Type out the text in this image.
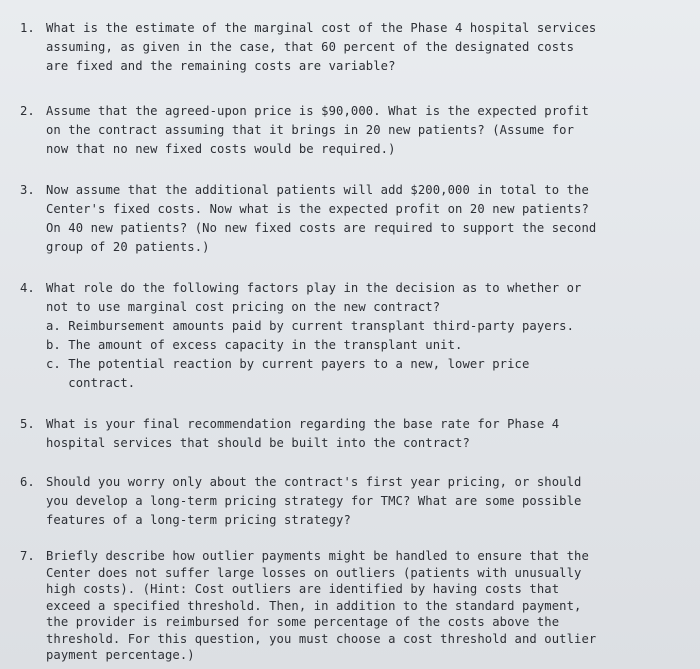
1. What is the estimate of the marginal cost of the Phase 4 hospital services
assuming, as given in the case, that 60 percent of the designated costs
are fixed and the remaining costs are variable?
2. Assume that the agreed-upon price is $90,000. What is the expected profit
on the contract assuming that it brings in 20 new patients? (Assume for
now that no new fixed costs would be required.)
3. Now assume that the additional patients will add $200,000 in total to the
Center's fixed costs. Now what is the expected profit on 20 new patients?
On 40 new patients? (No new fixed costs are required to support the second
group of 20 patients.)
4. What role do the following factors play in the decision as to whether or
not to use marginal cost pricing on the new contract?
a. Reimbursement amounts paid by current transplant third-party payers.
b. The amount of excess capacity in the transplant unit.
c. The potential reaction by current payers to a new, lower price
contract.
5. What is your final recommendation regarding the base rate for Phase 4
hospital services that should be built into the contract?
6. Should you worry only about the contract's first year pricing, or should
you develop a long-term pricing strategy for TMC? What are some possible
features of a long-term pricing strategy?
7. Briefly describe how outlier payments might be handled to ensure that the
Center does not suffer large losses on outliers (patients with unusually
high costs). (Hint: Cost outliers are identified by having costs that
exceed a specified threshold. Then, in addition to the standard payment,
the provider is reimbursed for some percentage of the costs above the
threshold. For this question, you must choose a cost threshold and outlier
payment percentage.)
